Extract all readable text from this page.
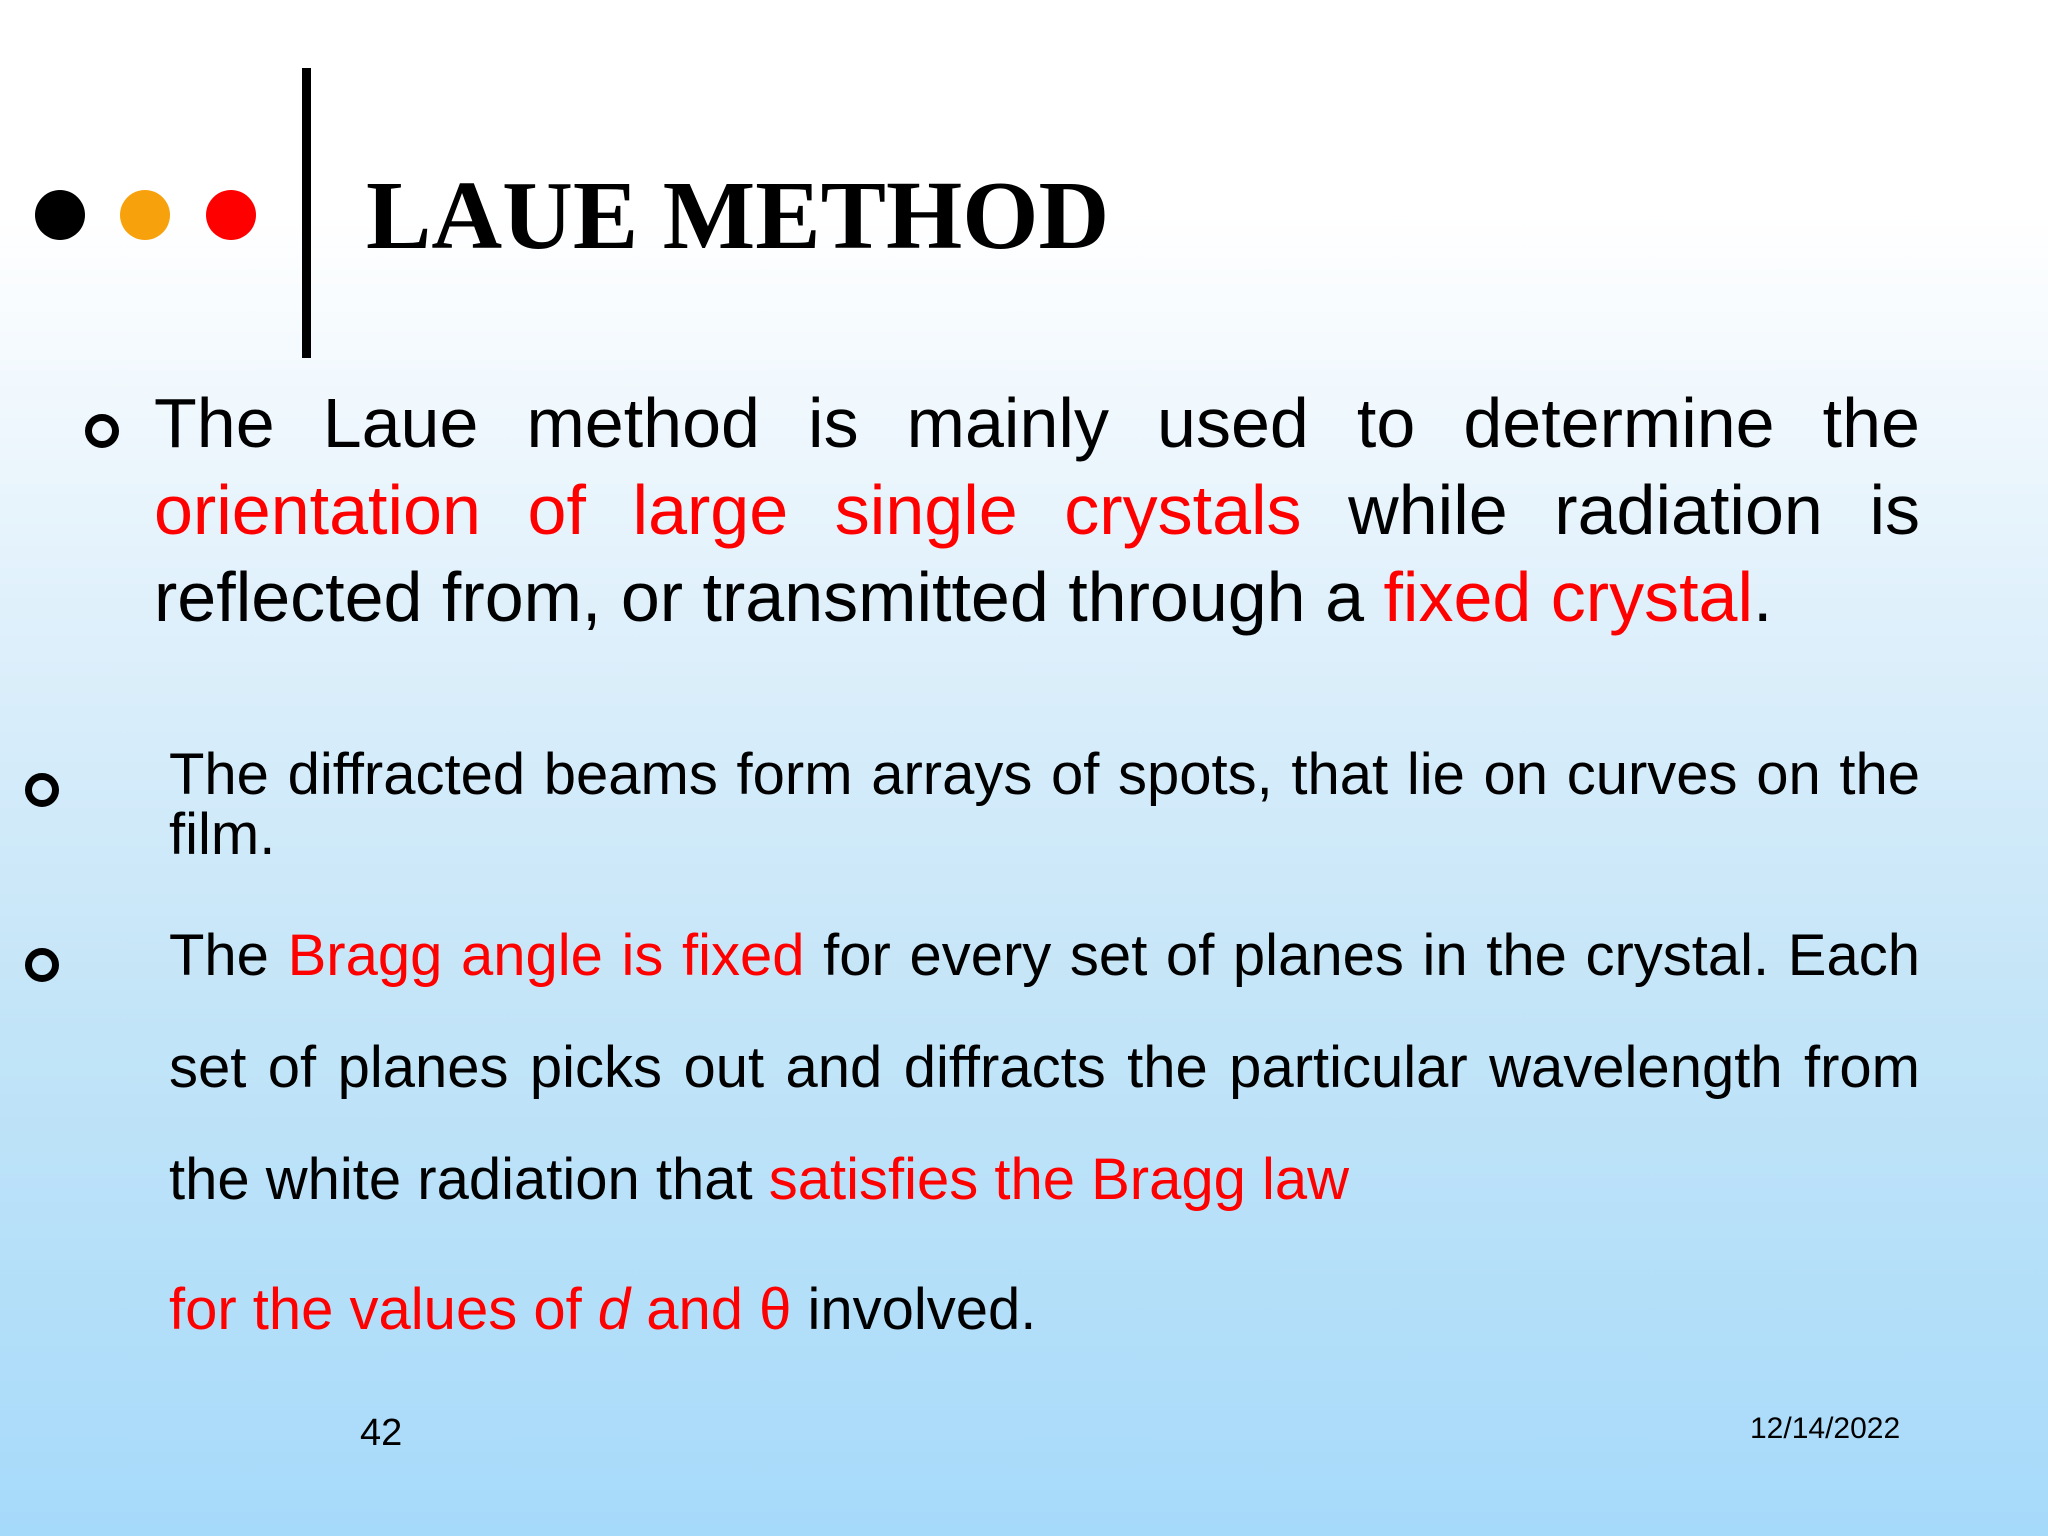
LAUE METHOD
The Laue method is mainly used to determine the orientation of large single crystals while radiation is reflected from, or transmitted through a fixed crystal.
The diffracted beams form arrays of spots, that lie on curves on the film.
The Bragg angle is fixed for every set of planes in the crystal. Each set of planes picks out and diffracts the particular wavelength from the white radiation that satisfies the Bragg law
for the values of d and θ involved.
42	12/14/2022
